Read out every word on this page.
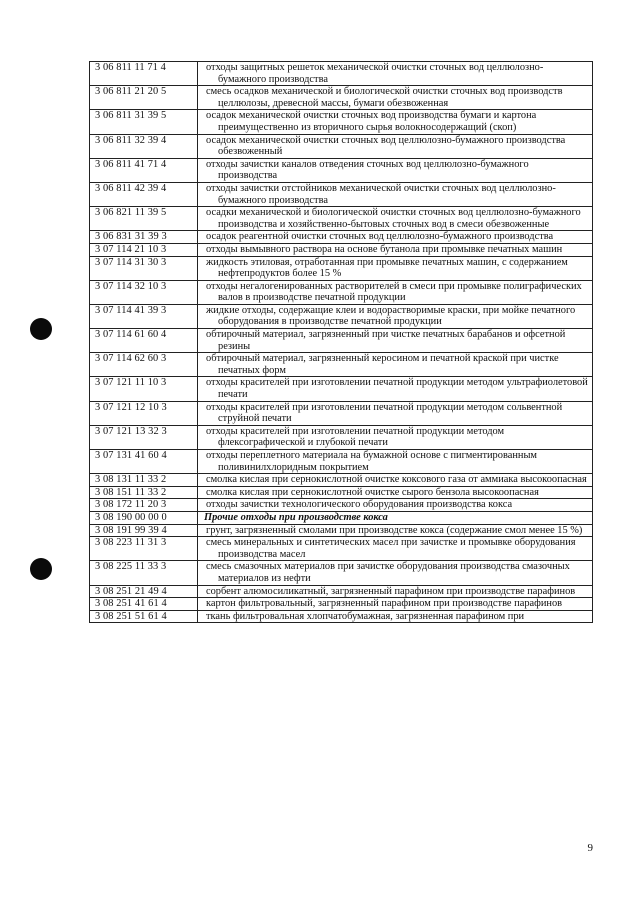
3 06 811 11 71 4	отходы защитных решеток механической очистки сточных вод целлюлозно-бумажного производства
3 06 811 21 20 5	смесь осадков механической и биологической очистки сточных вод производств целлюлозы, древесной массы, бумаги обезвоженная
3 06 811 31 39 5	осадок механической очистки сточных вод производства бумаги и картона преимущественно из вторичного сырья волокносодержащий (скоп)
3 06 811 32 39 4	осадок механической очистки сточных вод целлюлозно-бумажного производства обезвоженный
3 06 811 41 71 4	отходы зачистки каналов отведения сточных вод целлюлозно-бумажного производства
3 06 811 42 39 4	отходы зачистки отстойников механической очистки сточных вод целлюлозно-бумажного производства
3 06 821 11 39 5	осадки механической и биологической очистки сточных вод целлюлозно-бумажного производства и хозяйственно-бытовых сточных вод в смеси обезвоженные
3 06 831 31 39 3	осадок реагентной очистки сточных вод целлюлозно-бумажного производства
3 07 114 21 10 3	отходы вымывного раствора на основе бутанола при промывке печатных машин
3 07 114 31 30 3	жидкость этиловая, отработанная при промывке печатных машин, с содержанием нефтепродуктов более 15 %
3 07 114 32 10 3	отходы негалогенированных растворителей в смеси при промывке полиграфических валов в производстве печатной продукции
3 07 114 41 39 3	жидкие отходы, содержащие клеи и водорастворимые краски, при мойке печатного оборудования в производстве печатной продукции
3 07 114 61 60 4	обтирочный материал, загрязненный при чистке печатных барабанов и офсетной резины
3 07 114 62 60 3	обтирочный материал, загрязненный керосином и печатной краской при чистке печатных форм
3 07 121 11 10 3	отходы красителей при изготовлении печатной продукции методом ультрафиолетовой печати
3 07 121 12 10 3	отходы красителей при изготовлении печатной продукции методом сольвентной струйной печати
3 07 121 13 32 3	отходы красителей при изготовлении печатной продукции методом флексографической и глубокой печати
3 07 131 41 60 4	отходы переплетного материала на бумажной основе с пигментированным поливинилхлоридным покрытием
3 08 131 11 33 2	смолка кислая при сернокислотной очистке коксового газа от аммиака высокоопасная
3 08 151 11 33 2	смолка кислая при сернокислотной очистке сырого бензола высокоопасная
3 08 172 11 20 3	отходы зачистки технологического оборудования производства кокса
3 08 190 00 00 0	Прочие отходы при производстве кокса
3 08 191 99 39 4	грунт, загрязненный смолами при производстве кокса (содержание смол менее 15 %)
3 08 223 11 31 3	смесь минеральных и синтетических масел при зачистке и промывке оборудования производства масел
3 08 225 11 33 3	смесь смазочных материалов при зачистке оборудования производства смазочных материалов из нефти
3 08 251 21 49 4	сорбент алюмосиликатный, загрязненный парафином при производстве парафинов
3 08 251 41 61 4	картон фильтровальный, загрязненный парафином при производстве парафинов
3 08 251 51 61 4	ткань фильтровальная хлопчатобумажная, загрязненная парафином при
9
